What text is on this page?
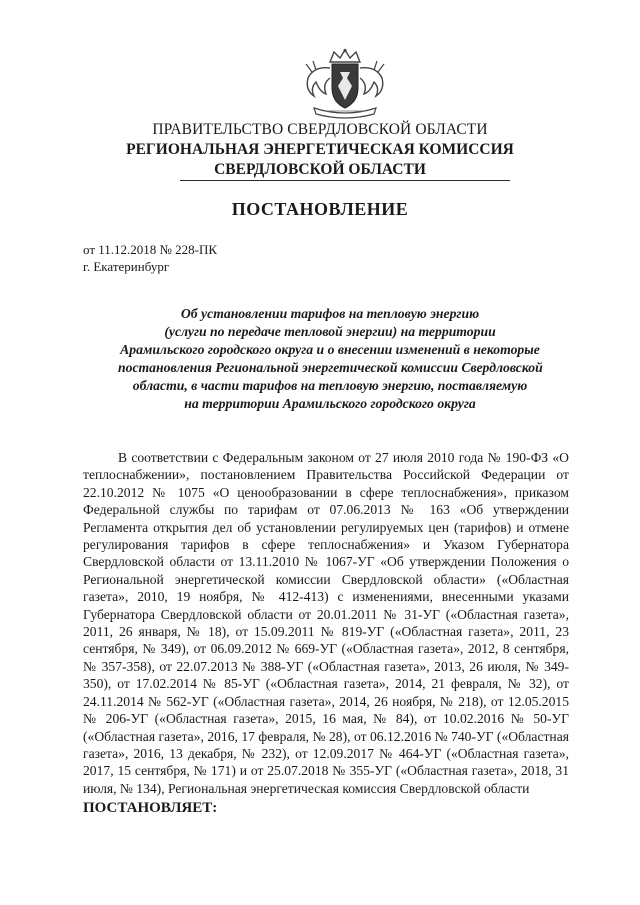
ПРАВИТЕЛЬСТВО СВЕРДЛОВСКОЙ ОБЛАСТИ
РЕГИОНАЛЬНАЯ ЭНЕРГЕТИЧЕСКАЯ КОМИССИЯ
СВЕРДЛОВСКОЙ ОБЛАСТИ
ПОСТАНОВЛЕНИЕ
от 11.12.2018 № 228-ПК
г. Екатеринбург
Об установлении тарифов на тепловую энергию
(услуги по передаче тепловой энергии) на территории
Арамильского городского округа и о внесении изменений в некоторые
постановления Региональной энергетической комиссии Свердловской
области, в части тарифов на тепловую энергию, поставляемую
на территории Арамильского городского округа

В соответствии с Федеральным законом от 27 июля 2010 года № 190-ФЗ «О теплоснабжении», постановлением Правительства Российской Федерации от 22.10.2012 № 1075 «О ценообразовании в сфере теплоснабжения», приказом Федеральной службы по тарифам от 07.06.2013 № 163 «Об утверждении Регламента открытия дел об установлении регулируемых цен (тарифов) и отмене регулирования тарифов в сфере теплоснабжения» и Указом Губернатора Свердловской области от 13.11.2010 № 1067-УГ «Об утверждении Положения о Региональной энергетической комиссии Свердловской области» («Областная газета», 2010, 19 ноября, № 412-413) с изменениями, внесенными указами Губернатора Свердловской области от 20.01.2011 № 31-УГ («Областная газета», 2011, 26 января, № 18), от 15.09.2011 № 819-УГ («Областная газета», 2011, 23 сентября, № 349), от 06.09.2012 № 669-УГ («Областная газета», 2012, 8 сентября, № 357-358), от 22.07.2013 № 388-УГ («Областная газета», 2013, 26 июля, № 349-350), от 17.02.2014 № 85-УГ («Областная газета», 2014, 21 февраля, № 32), от 24.11.2014 № 562-УГ («Областная газета», 2014, 26 ноября, № 218), от 12.05.2015 № 206-УГ («Областная газета», 2015, 16 мая, № 84), от 10.02.2016 № 50-УГ («Областная газета», 2016, 17 февраля, № 28), от 06.12.2016 № 740-УГ («Областная газета», 2016, 13 декабря, № 232), от 12.09.2017 № 464-УГ («Областная газета», 2017, 15 сентября, № 171) и от 25.07.2018 № 355-УГ («Областная газета», 2018, 31 июля, № 134), Региональная энергетическая комиссия Свердловской области

ПОСТАНОВЛЯЕТ:
